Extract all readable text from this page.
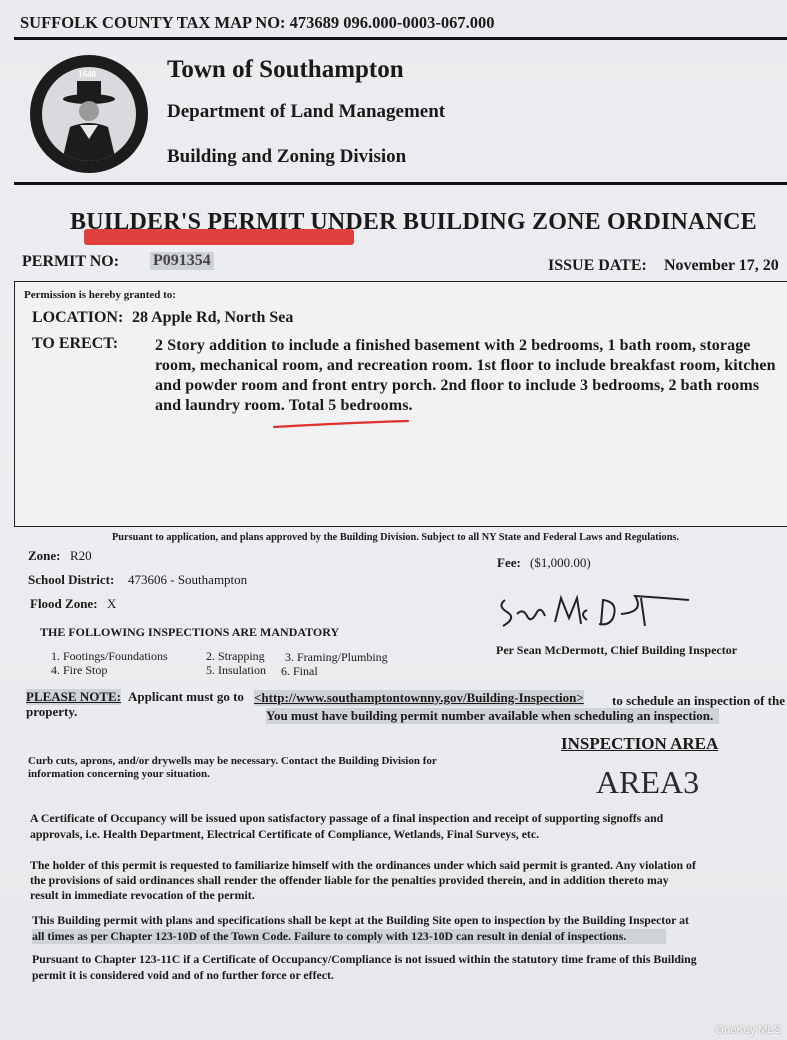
SUFFOLK COUNTY TAX MAP NO: 473689 096.000-0003-067.000
1640	Town of Southampton
Department of Land Management
Building and Zoning Division
BUILDER'S PERMIT UNDER BUILDING ZONE ORDINANCE
PERMIT NO: P091354	ISSUE DATE: November 17, 20
Permission is hereby granted to:
LOCATION: 28 Apple Rd, North Sea
TO ERECT: 2 Story addition to include a finished basement with 2 bedrooms, 1 bath room, storage
room, mechanical room, and recreation room. 1st floor to include breakfast room, kitchen
and powder room and front entry porch. 2nd floor to include 3 bedrooms, 2 bath rooms
and laundry room. Total 5 bedrooms.
Pursuant to application, and plans approved by the Building Division. Subject to all NY State and Federal Laws and Regulations.
Zone: R20
School District: 473606 - Southampton
Flood Zone: X
Fee: ($1,000.00)
Per Sean McDermott, Chief Building Inspector
THE FOLLOWING INSPECTIONS ARE MANDATORY
1. Footings/Foundations	2. Strapping 3. Framing/Plumbing
4. Fire Stop	5. Insulation 6. Final
PLEASE NOTE: Applicant must go to <http://www.southamptontownny.gov/Building-Inspection> to schedule an inspection of the
property.	You must have building permit number available when scheduling an inspection.
Curb cuts, aprons, and/or drywells may be necessary. Contact the Building Division for
information concerning your situation.
INSPECTION AREA
AREA3
A Certificate of Occupancy will be issued upon satisfactory passage of a final inspection and receipt of supporting signoffs and
approvals, i.e. Health Department, Electrical Certificate of Compliance, Wetlands, Final Surveys, etc.
The holder of this permit is requested to familiarize himself with the ordinances under which said permit is granted. Any violation of
the provisions of said ordinances shall render the offender liable for the penalties provided therein, and in addition thereto may
result in immediate revocation of the permit.
This Building permit with plans and specifications shall be kept at the Building Site open to inspection by the Building Inspector at
all times as per Chapter 123-10D of the Town Code. Failure to comply with 123-10D can result in denial of inspections.
Pursuant to Chapter 123-11C if a Certificate of Occupancy/Compliance is not issued within the statutory time frame of this Building
permit it is considered void and of no further force or effect.
OneKey MLS
